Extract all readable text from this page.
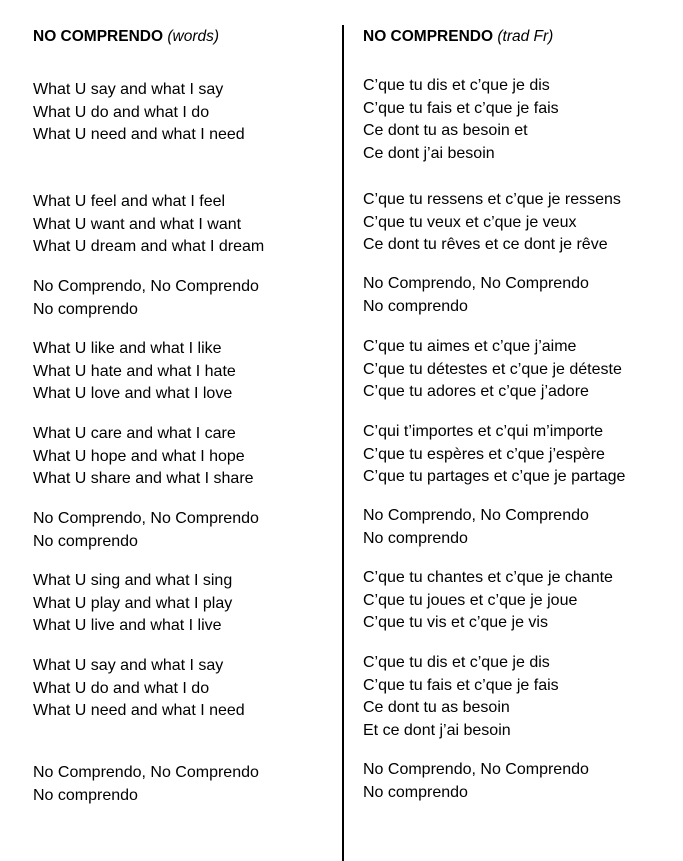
NO COMPRENDO (words)	NO COMPRENDO (trad Fr)
What U say and what I say
What U do and what I do
What U need and what I need
What U feel and what I feel
What U want and what I want
What U dream and what I dream
No Comprendo, No Comprendo
No comprendo
What U like and what I like
What U hate and what I hate
What U love and what I love
What U care and what I care
What U hope and what I hope
What U share and what I share
No Comprendo, No Comprendo
No comprendo
What U sing and what I sing
What U play and what I play
What U live and what I live
What U say and what I say
What U do and what I do
What U need and what I need
No Comprendo, No Comprendo
No comprendo
C’que tu dis et c’que je dis
C’que tu fais et c’que je fais
Ce dont tu as besoin et
Ce dont j’ai besoin
C’que tu ressens et c’que je ressens
C’que tu veux et c’que je veux
Ce dont tu rêves et ce dont je rêve
No Comprendo, No Comprendo
No comprendo
C’que tu aimes et c’que j’aime
C’que tu détestes et c’que je déteste
C’que tu adores et c’que j’adore
C’qui t’importes et c’qui m’importe
C’que tu espères et c’que j’espère
C’que tu partages et c’que je partage
No Comprendo, No Comprendo
No comprendo
C’que tu chantes et c’que je chante
C’que tu joues et c’que je joue
C’que tu vis et c’que je vis
C’que tu dis et c’que je dis
C’que tu fais et c’que je fais
Ce dont tu as besoin
Et ce dont j’ai besoin
No Comprendo, No Comprendo
No comprendo
